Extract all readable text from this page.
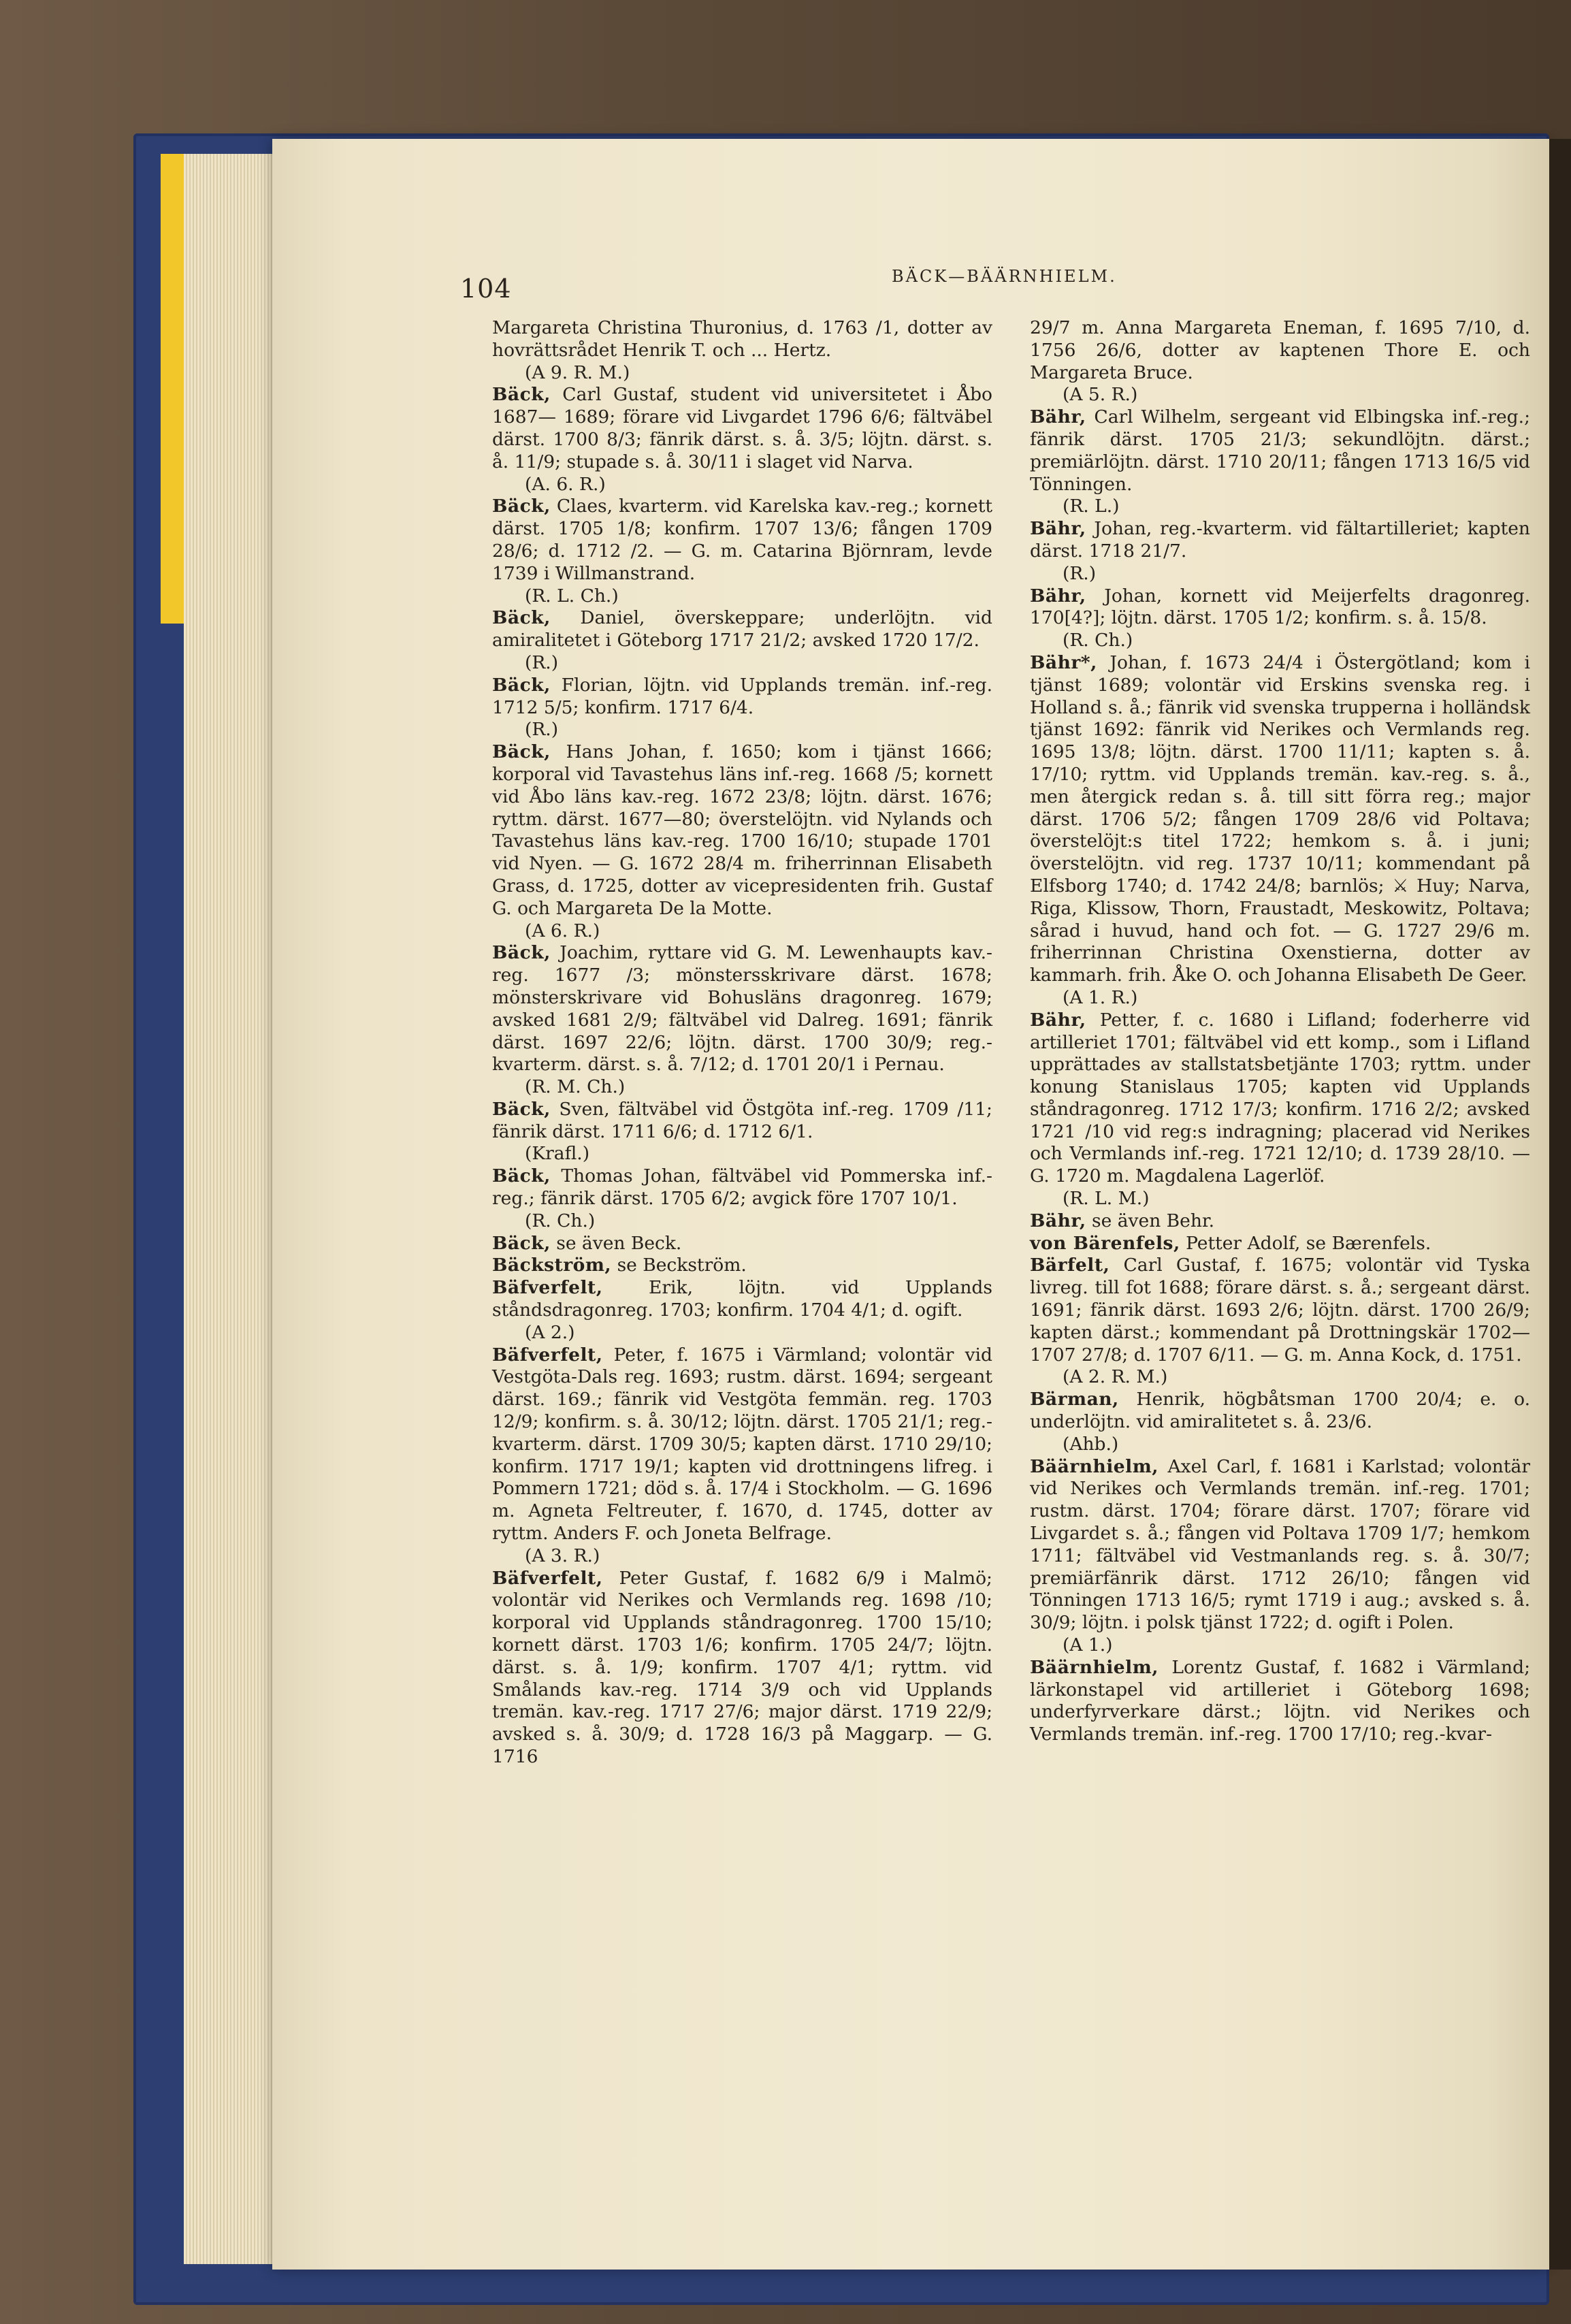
104	BÄCK—BÄÄRNHIELM.

Margareta Christina Thuronius, d. 1763 /1, dotter av hovrättsrådet Henrik T. och ... Hertz.

(A 9. R. M.)

Bäck, Carl Gustaf, student vid universitetet i Åbo 1687— 1689; förare vid Livgardet 1796 6/6; fältväbel därst. 1700 8/3; fänrik därst. s. å. 3/5; löjtn. därst. s. å. 11/9; stupade s. å. 30/11 i slaget vid Narva.

(A. 6. R.)

Bäck, Claes, kvarterm. vid Karelska kav.-reg.; kornett därst. 1705 1/8; konfirm. 1707 13/6; fången 1709 28/6; d. 1712 /2. — G. m. Catarina Björnram, levde 1739 i Willmanstrand.

(R. L. Ch.)

Bäck, Daniel, överskeppare; underlöjtn. vid amiralitetet i Göteborg 1717 21/2; avsked 1720 17/2.

(R.)

Bäck, Florian, löjtn. vid Upplands tremän. inf.-reg. 1712 5/5; konfirm. 1717 6/4.

(R.)

Bäck, Hans Johan, f. 1650; kom i tjänst 1666; korporal vid Tavastehus läns inf.-reg. 1668 /5; kornett vid Åbo läns kav.-reg. 1672 23/8; löjtn. därst. 1676; ryttm. därst. 1677—80; överstelöjtn. vid Nylands och Tavastehus läns kav.-reg. 1700 16/10; stupade 1701 vid Nyen. — G. 1672 28/4 m. friherrinnan Elisabeth Grass, d. 1725, dotter av vicepresidenten frih. Gustaf G. och Margareta De la Motte.

(A 6. R.)

Bäck, Joachim, ryttare vid G. M. Lewenhaupts kav.-reg. 1677 /3; mönstersskrivare därst. 1678; mönsterskrivare vid Bohusläns dragonreg. 1679; avsked 1681 2/9; fältväbel vid Dalreg. 1691; fänrik därst. 1697 22/6; löjtn. därst. 1700 30/9; reg.-kvarterm. därst. s. å. 7/12; d. 1701 20/1 i Pernau.

(R. M. Ch.)

Bäck, Sven, fältväbel vid Östgöta inf.-reg. 1709 /11; fänrik därst. 1711 6/6; d. 1712 6/1.

(Krafl.)

Bäck, Thomas Johan, fältväbel vid Pommerska inf.-reg.; fänrik därst. 1705 6/2; avgick före 1707 10/1.

(R. Ch.)

Bäck, se även Beck.

Bäckström, se Beckström.

Bäfverfelt, Erik, löjtn. vid Upplands ståndsdragonreg. 1703; konfirm. 1704 4/1; d. ogift.

(A 2.)

Bäfverfelt, Peter, f. 1675 i Värmland; volontär vid Vestgöta-Dals reg. 1693; rustm. därst. 1694; sergeant därst. 169.; fänrik vid Vestgöta femmän. reg. 1703 12/9; konfirm. s. å. 30/12; löjtn. därst. 1705 21/1; reg.-kvarterm. därst. 1709 30/5; kapten därst. 1710 29/10; konfirm. 1717 19/1; kapten vid drottningens lifreg. i Pommern 1721; död s. å. 17/4 i Stockholm. — G. 1696 m. Agneta Feltreuter, f. 1670, d. 1745, dotter av ryttm. Anders F. och Joneta Belfrage.

(A 3. R.)

Bäfverfelt, Peter Gustaf, f. 1682 6/9 i Malmö; volontär vid Nerikes och Vermlands reg. 1698 /10; korporal vid Upplands ståndragonreg. 1700 15/10; kornett därst. 1703 1/6; konfirm. 1705 24/7; löjtn. därst. s. å. 1/9; konfirm. 1707 4/1; ryttm. vid Smålands kav.-reg. 1714 3/9 och vid Upplands tremän. kav.-reg. 1717 27/6; major därst. 1719 22/9; avsked s. å. 30/9; d. 1728 16/3 på Maggarp. — G. 1716

29/7 m. Anna Margareta Eneman, f. 1695 7/10, d. 1756 26/6, dotter av kaptenen Thore E. och Margareta Bruce.

(A 5. R.)

Bähr, Carl Wilhelm, sergeant vid Elbingska inf.-reg.; fänrik därst. 1705 21/3; sekundlöjtn. därst.; premiärlöjtn. därst. 1710 20/11; fången 1713 16/5 vid Tönningen.

(R. L.)

Bähr, Johan, reg.-kvarterm. vid fältartilleriet; kapten därst. 1718 21/7.

(R.)

Bähr, Johan, kornett vid Meijerfelts dragonreg. 170[4?]; löjtn. därst. 1705 1/2; konfirm. s. å. 15/8.

(R. Ch.)

Bähr*, Johan, f. 1673 24/4 i Östergötland; kom i tjänst 1689; volontär vid Erskins svenska reg. i Holland s. å.; fänrik vid svenska trupperna i holländsk tjänst 1692: fänrik vid Nerikes och Vermlands reg. 1695 13/8; löjtn. därst. 1700 11/11; kapten s. å. 17/10; ryttm. vid Upplands tremän. kav.-reg. s. å., men återgick redan s. å. till sitt förra reg.; major därst. 1706 5/2; fången 1709 28/6 vid Poltava; överstelöjt:s titel 1722; hemkom s. å. i juni; överstelöjtn. vid reg. 1737 10/11; kommendant på Elfsborg 1740; d. 1742 24/8; barnlös; ⚔ Huy; Narva, Riga, Klissow, Thorn, Fraustadt, Meskowitz, Poltava; sårad i huvud, hand och fot. — G. 1727 29/6 m. friherrinnan Christina Oxenstierna, dotter av kammarh. frih. Åke O. och Johanna Elisabeth De Geer.

(A 1. R.)

Bähr, Petter, f. c. 1680 i Lifland; foderherre vid artilleriet 1701; fältväbel vid ett komp., som i Lifland upprättades av stallstatsbetjänte 1703; ryttm. under konung Stanislaus 1705; kapten vid Upplands ståndragonreg. 1712 17/3; konfirm. 1716 2/2; avsked 1721 /10 vid reg:s indragning; placerad vid Nerikes och Vermlands inf.-reg. 1721 12/10; d. 1739 28/10. — G. 1720 m. Magdalena Lagerlöf.

(R. L. M.)

Bähr, se även Behr.

von Bärenfels, Petter Adolf, se Bærenfels.

Bärfelt, Carl Gustaf, f. 1675; volontär vid Tyska livreg. till fot 1688; förare därst. s. å.; sergeant därst. 1691; fänrik därst. 1693 2/6; löjtn. därst. 1700 26/9; kapten därst.; kommendant på Drottningskär 1702—1707 27/8; d. 1707 6/11. — G. m. Anna Kock, d. 1751.

(A 2. R. M.)

Bärman, Henrik, högbåtsman 1700 20/4; e. o. underlöjtn. vid amiralitetet s. å. 23/6.

(Ahb.)

Bäärnhielm, Axel Carl, f. 1681 i Karlstad; volontär vid Nerikes och Vermlands tremän. inf.-reg. 1701; rustm. därst. 1704; förare därst. 1707; förare vid Livgardet s. å.; fången vid Poltava 1709 1/7; hemkom 1711; fältväbel vid Vestmanlands reg. s. å. 30/7; premiärfänrik därst. 1712 26/10; fången vid Tönningen 1713 16/5; rymt 1719 i aug.; avsked s. å. 30/9; löjtn. i polsk tjänst 1722; d. ogift i Polen.

(A 1.)

Bäärnhielm, Lorentz Gustaf, f. 1682 i Värmland; lärkonstapel vid artilleriet i Göteborg 1698; underfyrverkare därst.; löjtn. vid Nerikes och Vermlands tremän. inf.-reg. 1700 17/10; reg.-kvar-
